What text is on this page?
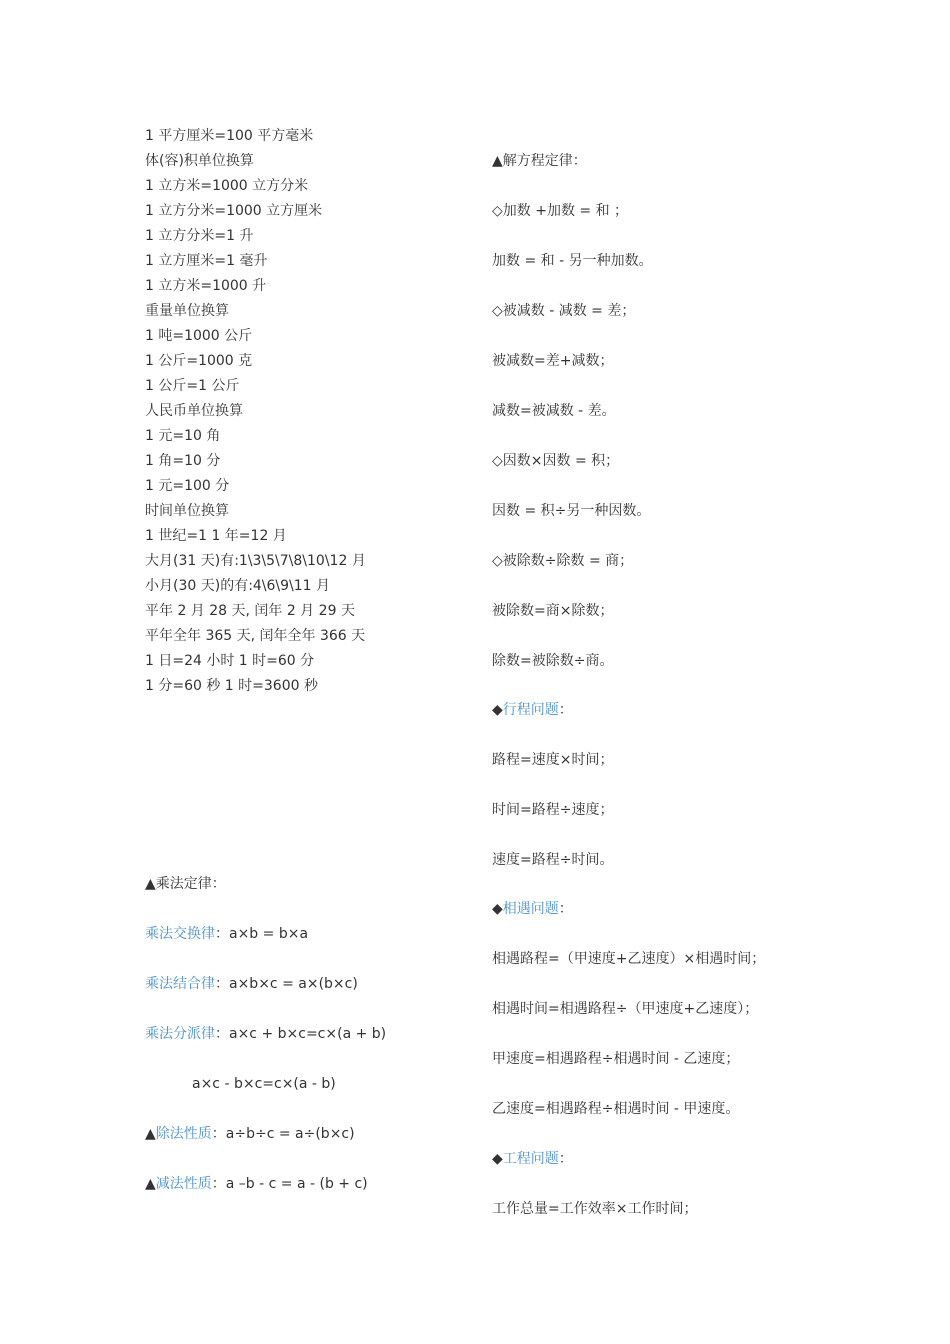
1 平方厘米=100 平方毫米
体(容)积单位换算
1 立方米=1000 立方分米
1 立方分米=1000 立方厘米
1 立方分米=1 升
1 立方厘米=1 毫升
1 立方米=1000 升
重量单位换算
1 吨=1000 公斤
1 公斤=1000 克
1 公斤=1 公斤
人民币单位换算
1 元=10 角
1 角=10 分
1 元=100 分
时间单位换算
1 世纪=1 1 年=12 月
大月(31 天)有:1\3\5\7\8\10\12 月
小月(30 天)的有:4\6\9\11 月
平年 2 月 28 天, 闰年 2 月 29 天
平年全年 365 天, 闰年全年 366 天
1 日=24 小时 1 时=60 分
1 分=60 秒 1 时=3600 秒
▲乘法定律：
乘法交换律：a×b = b×a
乘法结合律：a×b×c = a×(b×c)
乘法分派律：a×c + b×c=c×(a + b)
a×c - b×c=c×(a - b)
▲除法性质：a÷b÷c = a÷(b×c)
▲减法性质：a –b - c = a - (b + c)
▲解方程定律：
◇加数 +加数 = 和 ；
加数 = 和 - 另一种加数。
◇被减数 - 减数 = 差；
被减数=差+减数；
减数=被减数 - 差。
◇因数×因数 = 积；
因数 = 积÷另一种因数。
◇被除数÷除数 = 商；
被除数=商×除数；
除数=被除数÷商。
◆行程问题：
路程=速度×时间；
时间=路程÷速度；
速度=路程÷时间。
◆相遇问题：
相遇路程=（甲速度+乙速度）×相遇时间；
相遇时间=相遇路程÷（甲速度+乙速度）；
甲速度=相遇路程÷相遇时间 - 乙速度；
乙速度=相遇路程÷相遇时间 - 甲速度。
◆工程问题：
工作总量=工作效率×工作时间；
